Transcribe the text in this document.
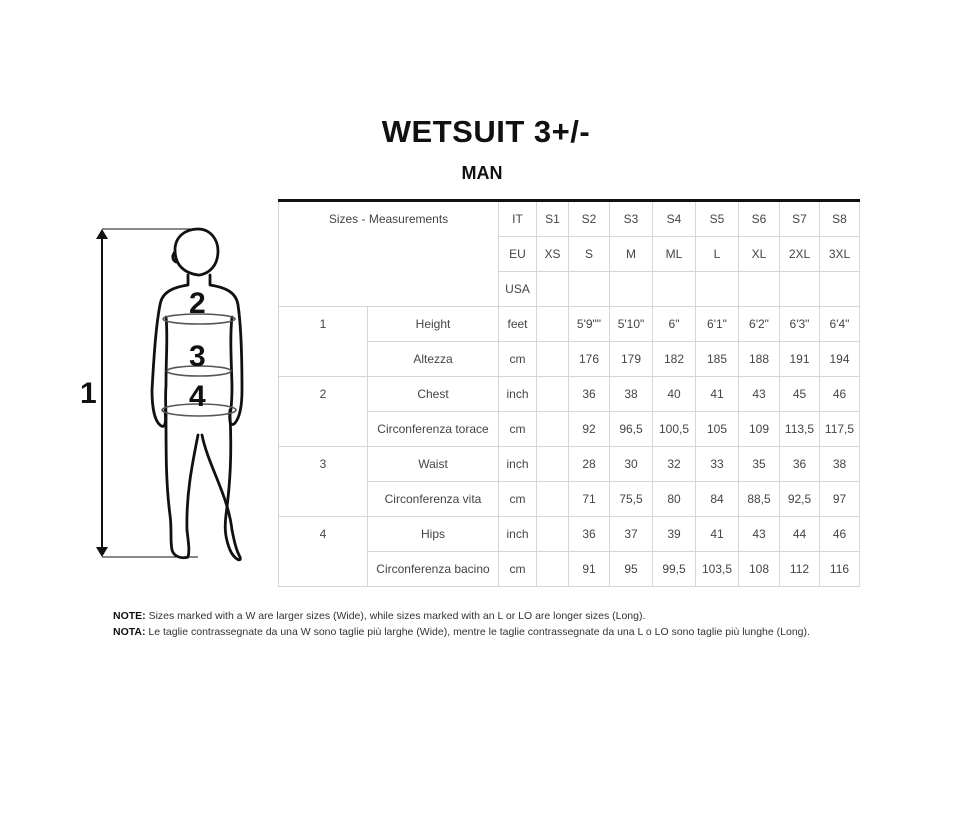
WETSUIT 3+/-
MAN
1
2
3
4
Sizes - Measurements		IT	S1	S2	S3	S4	S5	S6	S7	S8
		EU	XS	S	M	ML	L	XL	2XL	3XL
		USA								
1	Height	feet		5'9""	5'10"	6"	6'1"	6'2"	6'3"	6'4"
	Altezza	cm		176	179	182	185	188	191	194
2	Chest	inch		36	38	40	41	43	45	46
	Circonferenza torace	cm		92	96,5	100,5	105	109	113,5	117,5
3	Waist	inch		28	30	32	33	35	36	38
	Circonferenza vita	cm		71	75,5	80	84	88,5	92,5	97
4	Hips	inch		36	37	39	41	43	44	46
	Circonferenza bacino	cm		91	95	99,5	103,5	108	112	116
NOTE: Sizes marked with a W are larger sizes (Wide), while sizes marked with an L or LO are longer sizes (Long).
NOTA: Le taglie contrassegnate da una W sono taglie più larghe (Wide), mentre le taglie contrassegnate da una L o LO sono taglie più lunghe (Long).
